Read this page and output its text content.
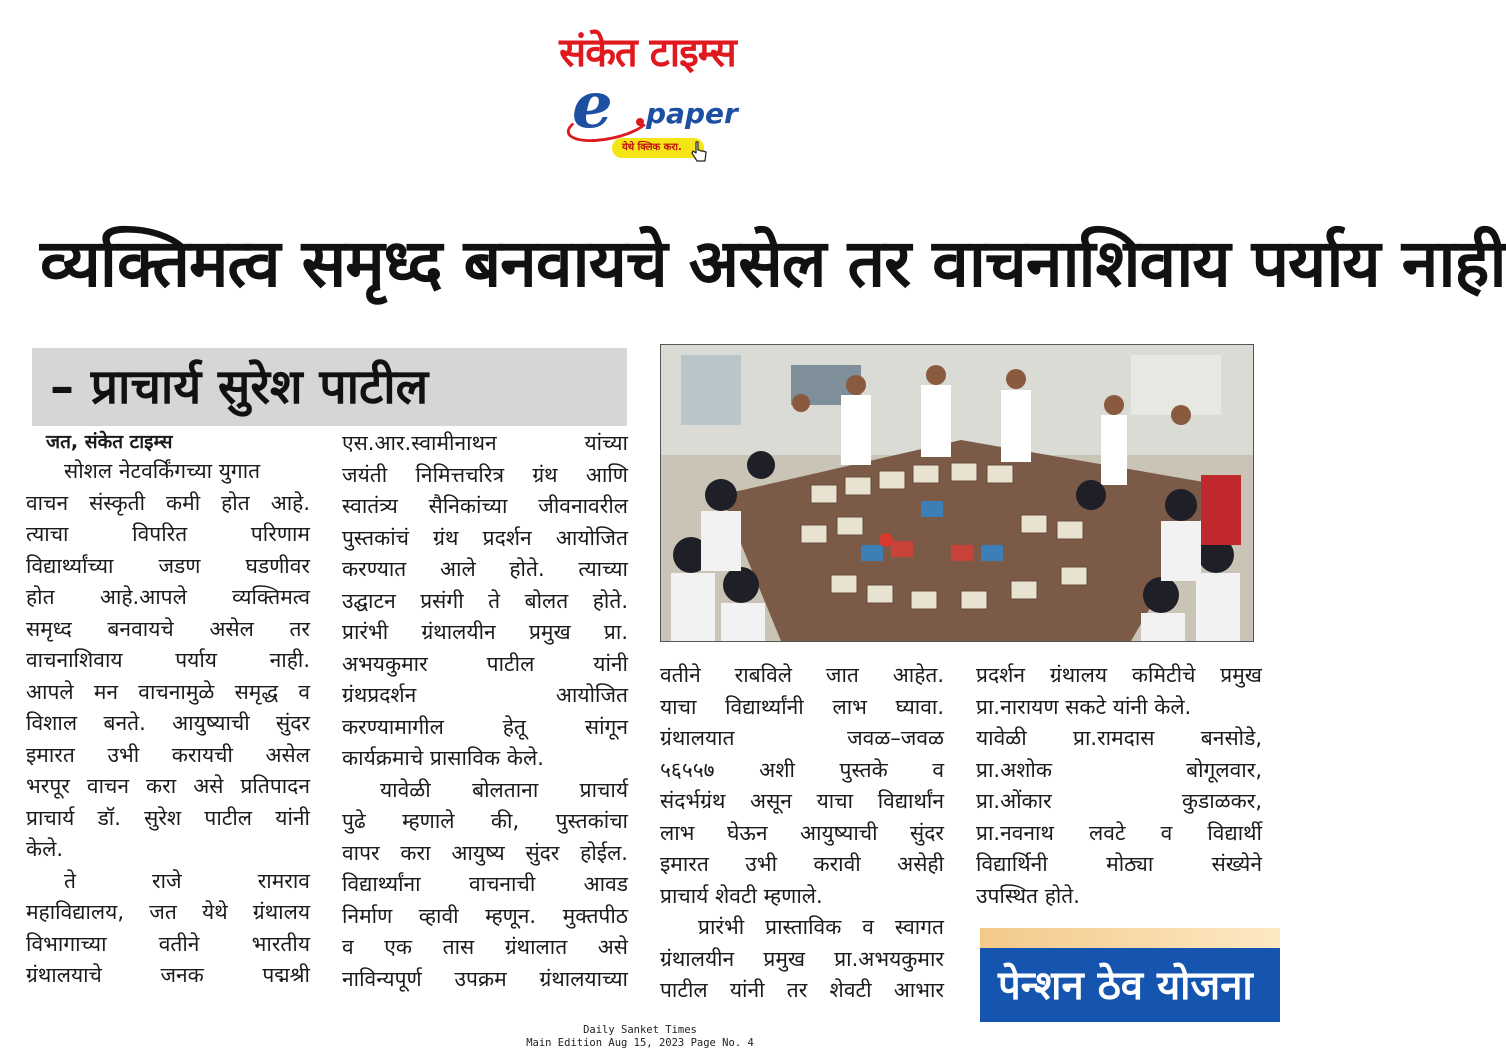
संकेत टाइम्स
e	paper
येथे क्लिक करा.
व्यक्तिमत्व समृध्द बनवायचे असेल तर वाचनाशिवाय पर्याय नाही
– प्राचार्य सुरेश पाटील
जत, संकेत टाइम्स
सोशल नेटवर्किंगच्या युगात
वाचन संस्कृती कमी होत आहे.
त्याचा विपरित परिणाम
विद्यार्थ्यांच्या जडण घडणीवर
होत आहे.आपले व्यक्तिमत्व
समृध्द बनवायचे असेल तर
वाचनाशिवाय पर्याय नाही.
आपले मन वाचनामुळे समृद्ध व
विशाल बनते. आयुष्याची सुंदर
इमारत उभी करायची असेल
भरपूर वाचन करा असे प्रतिपादन
प्राचार्य डॉ. सुरेश पाटील यांनी
केले.
ते राजे रामराव
महाविद्यालय, जत येथे ग्रंथालय
विभागाच्या वतीने भारतीय
ग्रंथालयाचे जनक पद्मश्री
एस.आर.स्वामीनाथन यांच्या
जयंती निमित्तचरित्र ग्रंथ आणि
स्वातंत्र्य सैनिकांच्या जीवनावरील
पुस्तकांचं ग्रंथ प्रदर्शन आयोजित
करण्यात आले होते. त्याच्या
उद्घाटन प्रसंगी ते बोलत होते.
प्रारंभी ग्रंथालयीन प्रमुख प्रा.
अभयकुमार पाटील यांनी
ग्रंथप्रदर्शन आयोजित
करण्यामागील हेतू सांगून
कार्यक्रमाचे प्रासाविक केले.
यावेळी बोलताना प्राचार्य
पुढे म्हणाले की, पुस्तकांचा
वापर करा आयुष्य सुंदर होईल.
विद्यार्थ्यांना वाचनाची आवड
निर्माण व्हावी म्हणून. मुक्तपीठ
व एक तास ग्रंथालात असे
नाविन्यपूर्ण उपक्रम ग्रंथालयाच्या
वतीने राबविले जात आहेत.
याचा विद्यार्थ्यांनी लाभ घ्यावा.
ग्रंथालयात जवळ–जवळ
५६५५७ अशी पुस्तके व
संदर्भग्रंथ असून याचा विद्यार्थांन
लाभ घेऊन आयुष्याची सुंदर
इमारत उभी करावी असेही
प्राचार्य शेवटी म्हणाले.
प्रारंभी प्रास्ताविक व स्वागत
ग्रंथालयीन प्रमुख प्रा.अभयकुमार
पाटील यांनी तर शेवटी आभार
प्रदर्शन ग्रंथालय कमिटीचे प्रमुख
प्रा.नारायण सकटे यांनी केले.
यावेळी प्रा.रामदास बनसोडे,
प्रा.अशोक बोगूलवार,
प्रा.ओंकार कुडाळकर,
प्रा.नवनाथ लवटे व विद्यार्थी
विद्यार्थिनी मोठ्या संख्येने
उपस्थित होते.
पेन्शन ठेव योजना
Daily Sanket Times
Main Edition Aug 15, 2023 Page No. 4
